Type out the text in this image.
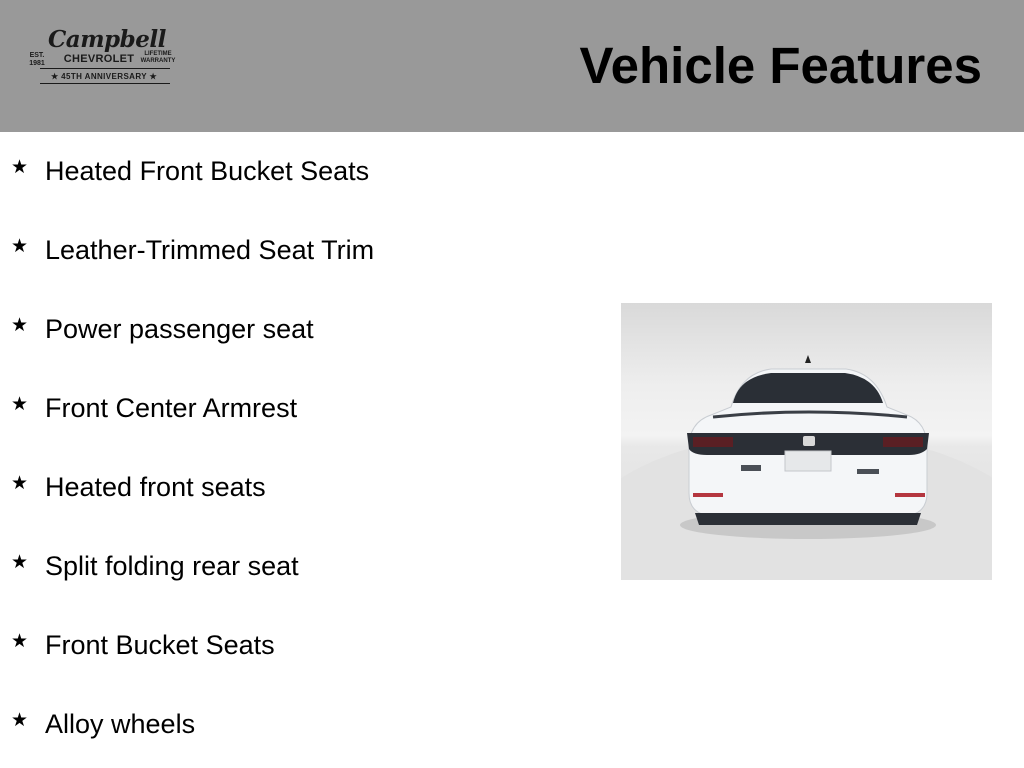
Campbell
EST. 1981	CHEVROLET	LIFETIME WARRANTY
★ 45TH ANNIVERSARY ★	Vehicle Features
★ Heated Front Bucket Seats
★ Leather-Trimmed Seat Trim
★ Power passenger seat
★ Front Center Armrest
★ Heated front seats
★ Split folding rear seat
★ Front Bucket Seats
★ Alloy wheels
